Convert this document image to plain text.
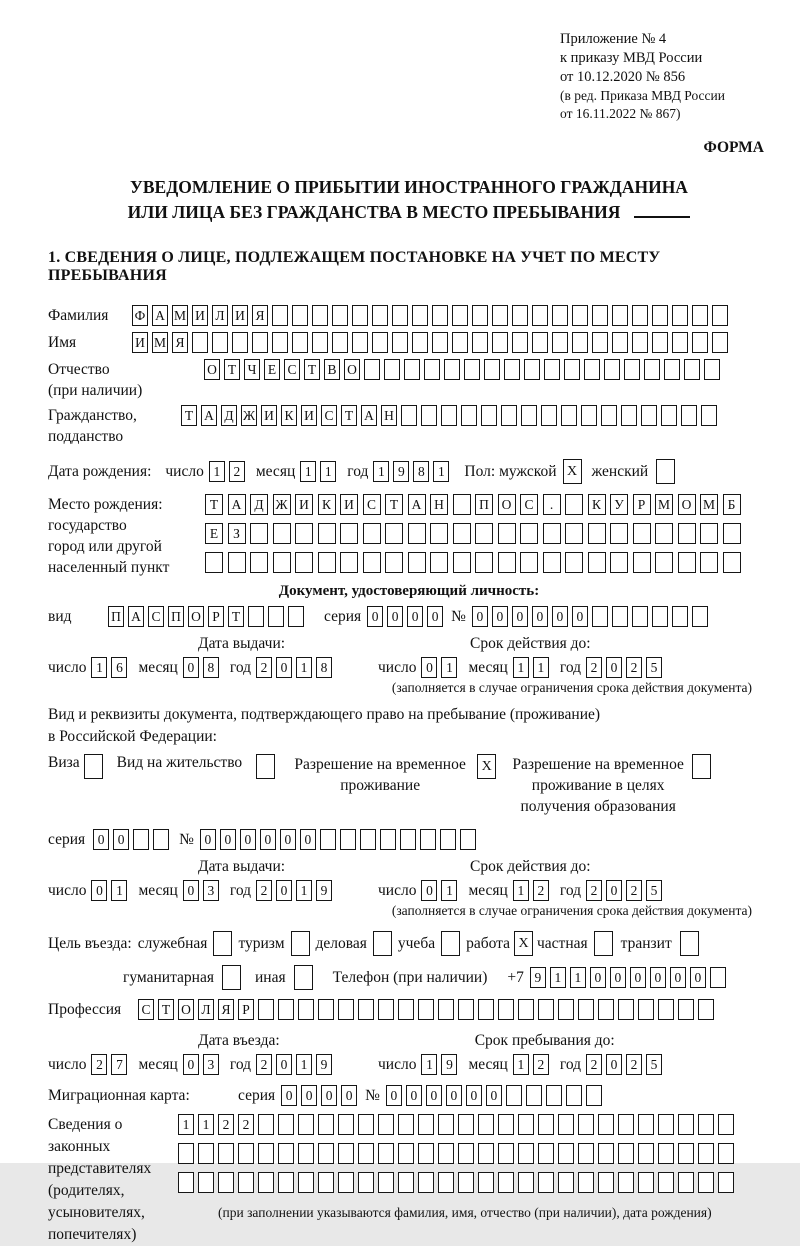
Приложение № 4
к приказу МВД России
от 10.12.2020 № 856
(в ред. Приказа МВД России
от 16.11.2022 № 867)
ФОРМА
УВЕДОМЛЕНИЕ О ПРИБЫТИИ ИНОСТРАННОГО ГРАЖДАНИНА
ИЛИ ЛИЦА БЕЗ ГРАЖДАНСТВА В МЕСТО ПРЕБЫВАНИЯ
1. СВЕДЕНИЯ О ЛИЦЕ, ПОДЛЕЖАЩЕМ ПОСТАНОВКЕ НА УЧЕТ ПО МЕСТУ ПРЕБЫВАНИЯ
Фамилия	Ф А М И Л И Я
Имя	И М Я
Отчество
(при наличии)
О Т Ч Е С Т В О
Гражданство,
подданство
Т А Д Ж И К И С Т А Н
Дата рождения: число 1 2 месяц 1 1 год 1 9 8 1 Пол: мужской X женский
Место рождения:
государство
город или другой
населенный пункт
Т	А Д Ж И К И С	Т	А Н	П О С	.	К У	Р М О М Б
Е	З
Документ, удостоверяющий личность:
вид	П А С П О Р Т	серия 0 0 0 0 № 0 0 0 0 0 0
Дата выдачи:	Срок действия до:
число 1 6 месяц 0 8 год 2 0 1 8	число 0 1 месяц 1 1 год 2 0 2 5
(заполняется в случае ограничения срока действия документа)
Вид и реквизиты документа, подтверждающего право на пребывание (проживание)
в Российской Федерации:
Виза Вид на жительство	Разрешение на временное проживание
X Разрешение на временное проживание в целях получения образования
серия 0 0	№ 0 0 0 0 0 0
Дата выдачи:	Срок действия до:
число 0 1 месяц 0 3 год 2 0 1 9	число 0 1 месяц 1 2 год 2 0 2 5
(заполняется в случае ограничения срока действия документа)
Цель въезда: служебная туризм деловая учеба работа X частная транзит
гуманитарная	иная	Телефон (при наличии) +7 9 1 1 0 0 0 0 0 0
Профессия	С Т О Л Я Р
Дата въезда:	Срок пребывания до:
число 2 7 месяц 0 3 год 2 0 1 9	число 1 9 месяц 1 2 год 2 0 2 5
Миграционная карта:	серия 0 0 0 0 № 0 0 0 0 0 0
Сведения о
законных
представителях
(родителях,
усыновителях,
попечителях)
1 1 2 2
(при заполнении указываются фамилия, имя, отчество (при наличии), дата рождения)
